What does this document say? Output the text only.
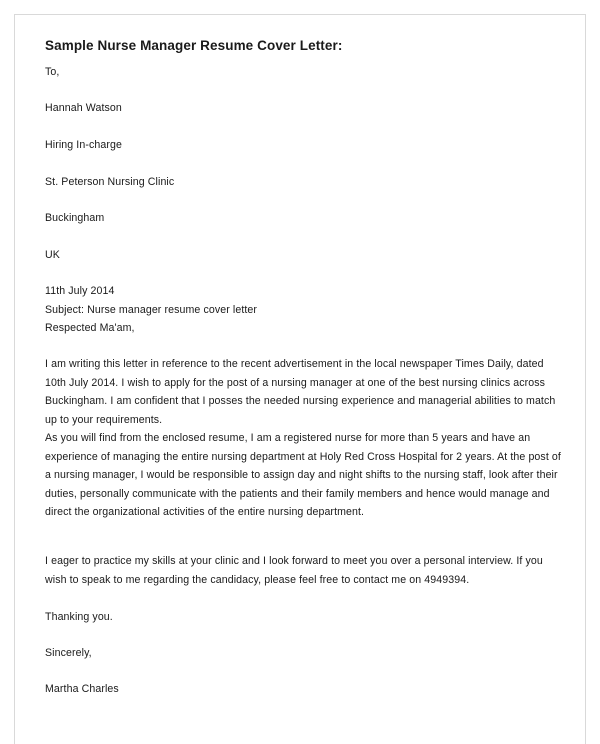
Sample Nurse Manager Resume Cover Letter:
To,
Hannah Watson
Hiring In-charge
St. Peterson Nursing Clinic
Buckingham
UK
11th July 2014
Subject: Nurse manager resume cover letter
Respected Ma'am,
I am writing this letter in reference to the recent advertisement in the local newspaper Times Daily, dated 10th July 2014. I wish to apply for the post of a nursing manager at one of the best nursing clinics across Buckingham. I am confident that I posses the needed nursing experience and managerial abilities to match up to your requirements.
As you will find from the enclosed resume, I am a registered nurse for more than 5 years and have an experience of managing the entire nursing department at Holy Red Cross Hospital for 2 years. At the post of a nursing manager, I would be responsible to assign day and night shifts to the nursing staff, look after their duties, personally communicate with the patients and their family members and hence would manage and direct the organizational activities of the entire nursing department.
I eager to practice my skills at your clinic and I look forward to meet you over a personal interview. If you wish to speak to me regarding the candidacy, please feel free to contact me on 4949394.
Thanking you.
Sincerely,
Martha Charles
